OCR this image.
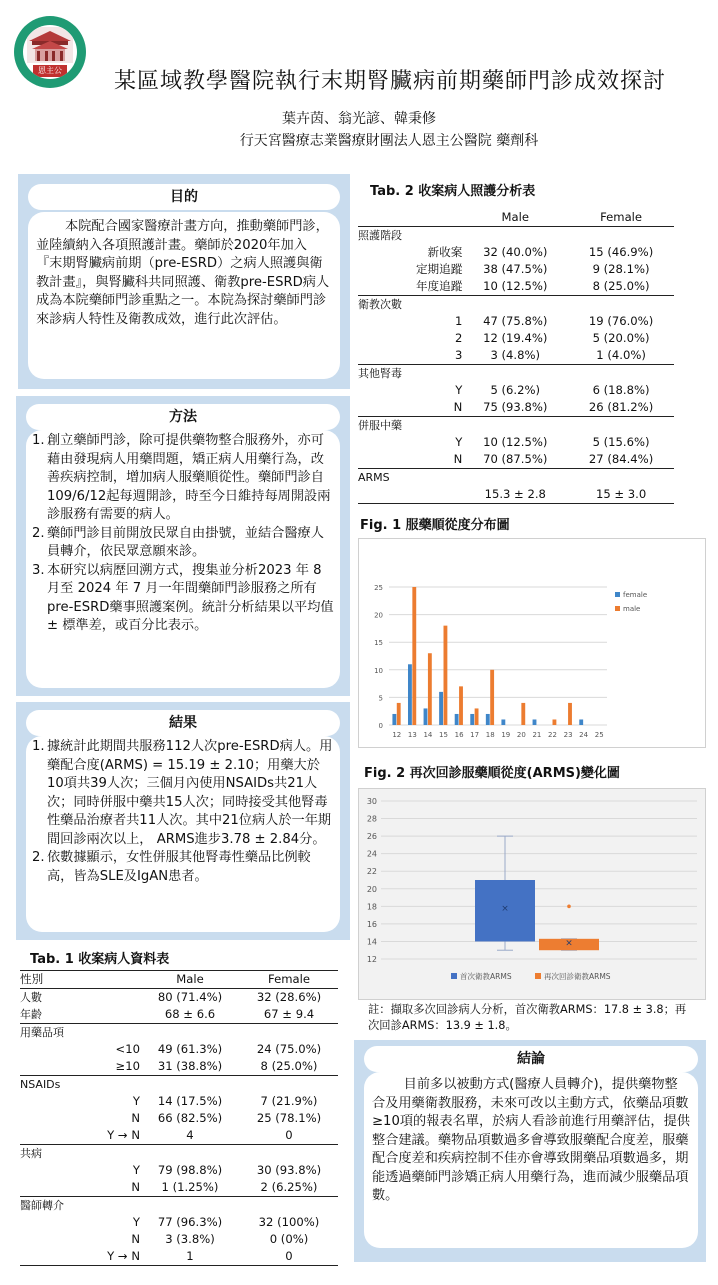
恩主公	某區域教學醫院執行末期腎臟病前期藥師門診成效探討
葉卉茵、翁光諺、韓秉修
行天宮醫療志業醫療財團法人恩主公醫院 藥劑科
目的
本院配合國家醫療計畫方向，推動藥師門診，並陸續納入各項照護計畫。藥師於2020年加入『末期腎臟病前期（pre-ESRD）之病人照護與衛教計畫』，與腎臟科共同照護、衛教pre-ESRD病人成為本院藥師門診重點之一。本院為探討藥師門診來診病人特性及衛教成效，進行此次評估。
方法
1. 創立藥師門診，除可提供藥物整合服務外，亦可藉由發現病人用藥問題，矯正病人用藥行為，改善疾病控制，增加病人服藥順從性。藥師門診自109/6/12起每週開診，時至今日維持每周開設兩診服務有需要的病人。
2. 藥師門診目前開放民眾自由掛號，並結合醫療人員轉介，依民眾意願來診。
3. 本研究以病歷回溯方式，搜集並分析2023 年 8 月至 2024 年 7 月一年間藥師門診服務之所有pre-ESRD藥事照護案例。統計分析結果以平均值 ± 標準差，或百分比表示。
結果
1. 據統計此期間共服務112人次pre-ESRD病人。用藥配合度(ARMS) = 15.19 ± 2.10；用藥大於10項共39人次；三個月內使用NSAIDs共21人次；同時併服中藥共15人次；同時接受其他腎毒性藥品治療者共11人次。其中21位病人於一年期間回診兩次以上， ARMS進步3.78 ± 2.84分。
2. 依數據顯示，女性併服其他腎毒性藥品比例較高，皆為SLE及IgAN患者。
Tab. 1 收案病人資料表
性別		Male	Female
人數		80 (71.4%)	32 (28.6%)
年齡		68 ± 6.6	67 ± 9.4
用藥品項			
	<10	49 (61.3%)	24 (75.0%)
	≥10	31 (38.8%)	8 (25.0%)
NSAIDs			
	Y	14 (17.5%)	7 (21.9%)
	N	66 (82.5%)	25 (78.1%)
	Y → N	4	0
共病			
	Y	79 (98.8%)	30 (93.8%)
	N	1 (1.25%)	2 (6.25%)
醫師轉介			
	Y	77 (96.3%)	32 (100%)
	N	3 (3.8%)	0 (0%)
	Y → N	1	0
Tab. 2 收案病人照護分析表
		Male	Female
照護階段			
	新收案	32 (40.0%)	15 (46.9%)
	定期追蹤	38 (47.5%)	9 (28.1%)
	年度追蹤	10 (12.5%)	8 (25.0%)
衛教次數			
	1	47 (75.8%)	19 (76.0%)
	2	12 (19.4%)	5 (20.0%)
	3	3 (4.8%)	1 (4.0%)
其他腎毒			
	Y	5 (6.2%)	6 (18.8%)
	N	75 (93.8%)	26 (81.2%)
併服中藥			
	Y	10 (12.5%)	5 (15.6%)
	N	70 (87.5%)	27 (84.4%)
ARMS			
		15.3 ± 2.8	15 ± 3.0
Fig. 1 服藥順從度分布圖
0
5
10
15
20
25
12 13 14 15 16 17 18 19 20 21 22 23 24 25
female
male
Fig. 2 再次回診服藥順從度(ARMS)變化圖
12
14
16
18
20
22
24
26
28
30
×
×
首次衛教ARMS	再次回診衛教ARMS
註：擷取多次回診病人分析，首次衛教ARMS：17.8 ± 3.8；再次回診ARMS：13.9 ± 1.8。
結論
目前多以被動方式(醫療人員轉介)，提供藥物整合及用藥衛教服務，未來可改以主動方式，依藥品項數≥10項的報表名單，於病人看診前進行用藥評估，提供整合建議。藥物品項數過多會導致服藥配合度差，服藥配合度差和疾病控制不佳亦會導致開藥品項數過多，期能透過藥師門診矯正病人用藥行為，進而減少服藥品項數。
